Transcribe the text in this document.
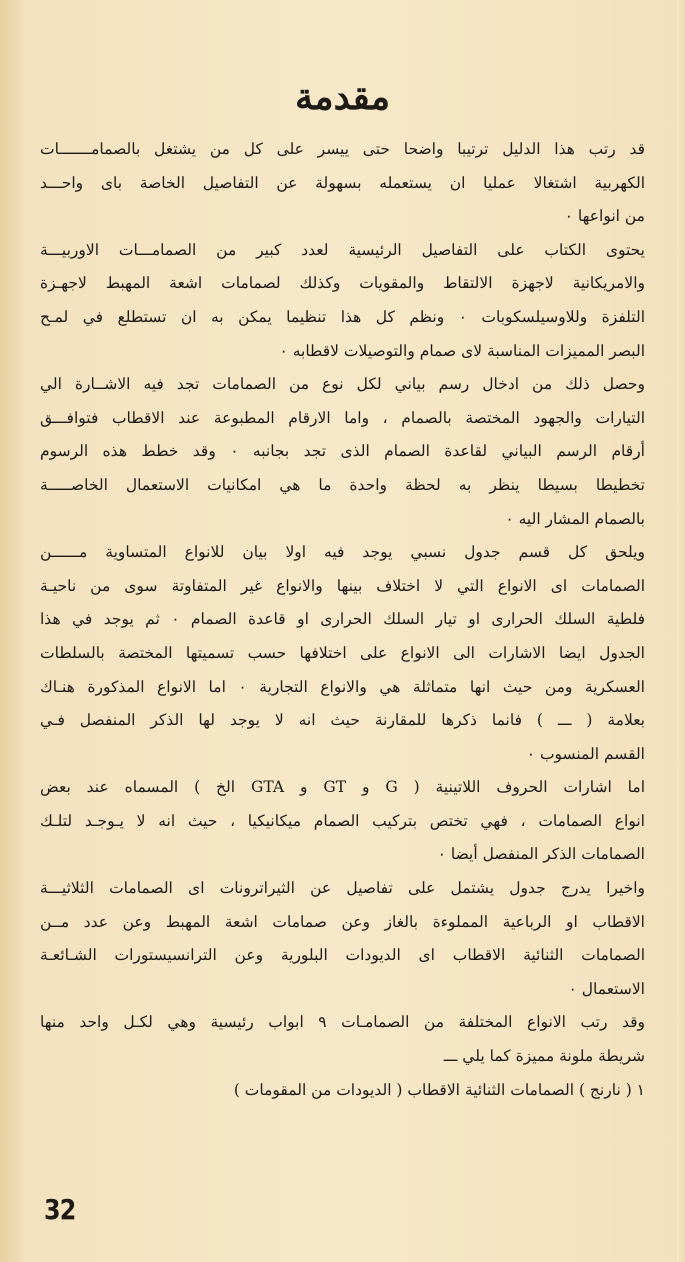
مقدمة
قد رتب هذا الدليل ترتيبا واضحا حتى ييسر على كل من يشتغل بالصمامـــــــات
الكهربية اشتغالا عمليا ان يستعمله بسهولة عن التفاصيل الخاصة باى واحـــد
من انواعها ٠
يحتوى الكتاب على التفاصيل الرئيسية لعدد كبير من الصمامـــات الاوربيـــة
والامريكانية لاجهزة الالتقاط والمقويات وكذلك لصمامات اشعة المهبط لاجهـزة
التلفزة وللاوسيلسكوبات ٠ ونظم كل هذا تنظيما يمكن به ان تستطلع في لمـح
البصر المميزات المناسبة لاى صمام والتوصيلات لاقطابه ٠
وحصل ذلك من ادخال رسم بياني لكل نوع من الصمامات تجد فيه الاشــارة الي
التيارات والجهود المختصة بالصمام ، واما الارقام المطبوعة عند الاقطاب فتوافـــق
أرقام الرسم البياني لقاعدة الصمام الذى تجد بجانبه ٠ وقد خطط هذه الرسوم
تخطيطا بسيطا ينظر به لحظة واحدة ما هي امكانيات الاستعمال الخاصـــــة
بالصمام المشار اليه ٠
ويلحق كل قسم جدول نسبي يوجد فيه اولا بيان للانواع المتساوية مــــــن
الصمامات اى الانواع التي لا اختلاف بينها والانواع غير المتفاوتة سوى من ناحيـة
فلطية السلك الحرارى او تيار السلك الحرارى او قاعدة الصمام ٠ ثم يوجد في هذا
الجدول ايضا الاشارات الى الانواع على اختلافها حسب تسميتها المختصة بالسلطات
العسكرية ومن حيث انها متماثلة هي والانواع التجارية ٠ اما الانواع المذكورة هنـاك
بعلامة ( ـــ ) فانما ذكرها للمقارنة حيث انه لا يوجد لها الذكر المنفصل فـي
القسم المنسوب ٠
اما اشارات الحروف اللاتينية ( G و GT و GTA الخ ) المسماه عند بعض
انواع الصمامات ، فهي تختص بتركيب الصمام ميكانيكيا ، حيث انه لا يـوجـد لتلـك
الصمامات الذكر المنفصل أيضا ٠
واخيرا يدرج جدول يشتمل على تفاصيل عن الثيراترونات اى الصمامات الثلاثيـــة
الاقطاب او الرباعية المملوءة بالغاز وعن صمامات اشعة المهبط وعن عدد مــن
الصمامات الثنائية الاقطاب اى الديودات البلورية وعن الترانسيستورات الشـائعـة
الاستعمال ٠
وقد رتب الانواع المختلفة من الصمامـات ٩ ابواب رئيسية وهي لكـل واحد منها
شريطة ملونة مميزة كما يلي ـــ
١ ( نارنج ) الصمامات الثنائية الاقطاب ( الديودات من المقومات )
32
